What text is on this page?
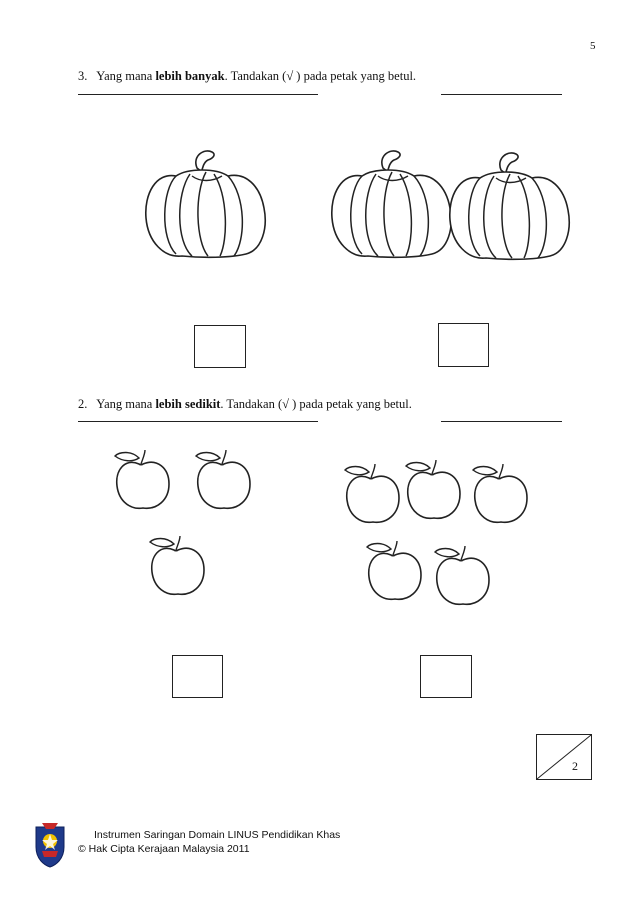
5
3. Yang mana lebih banyak. Tandakan (√ ) pada petak yang betul.
2. Yang mana lebih sedikit. Tandakan (√ ) pada petak yang betul.
2
Instrumen Saringan Domain LINUS Pendidikan Khas
© Hak Cipta Kerajaan Malaysia 2011
